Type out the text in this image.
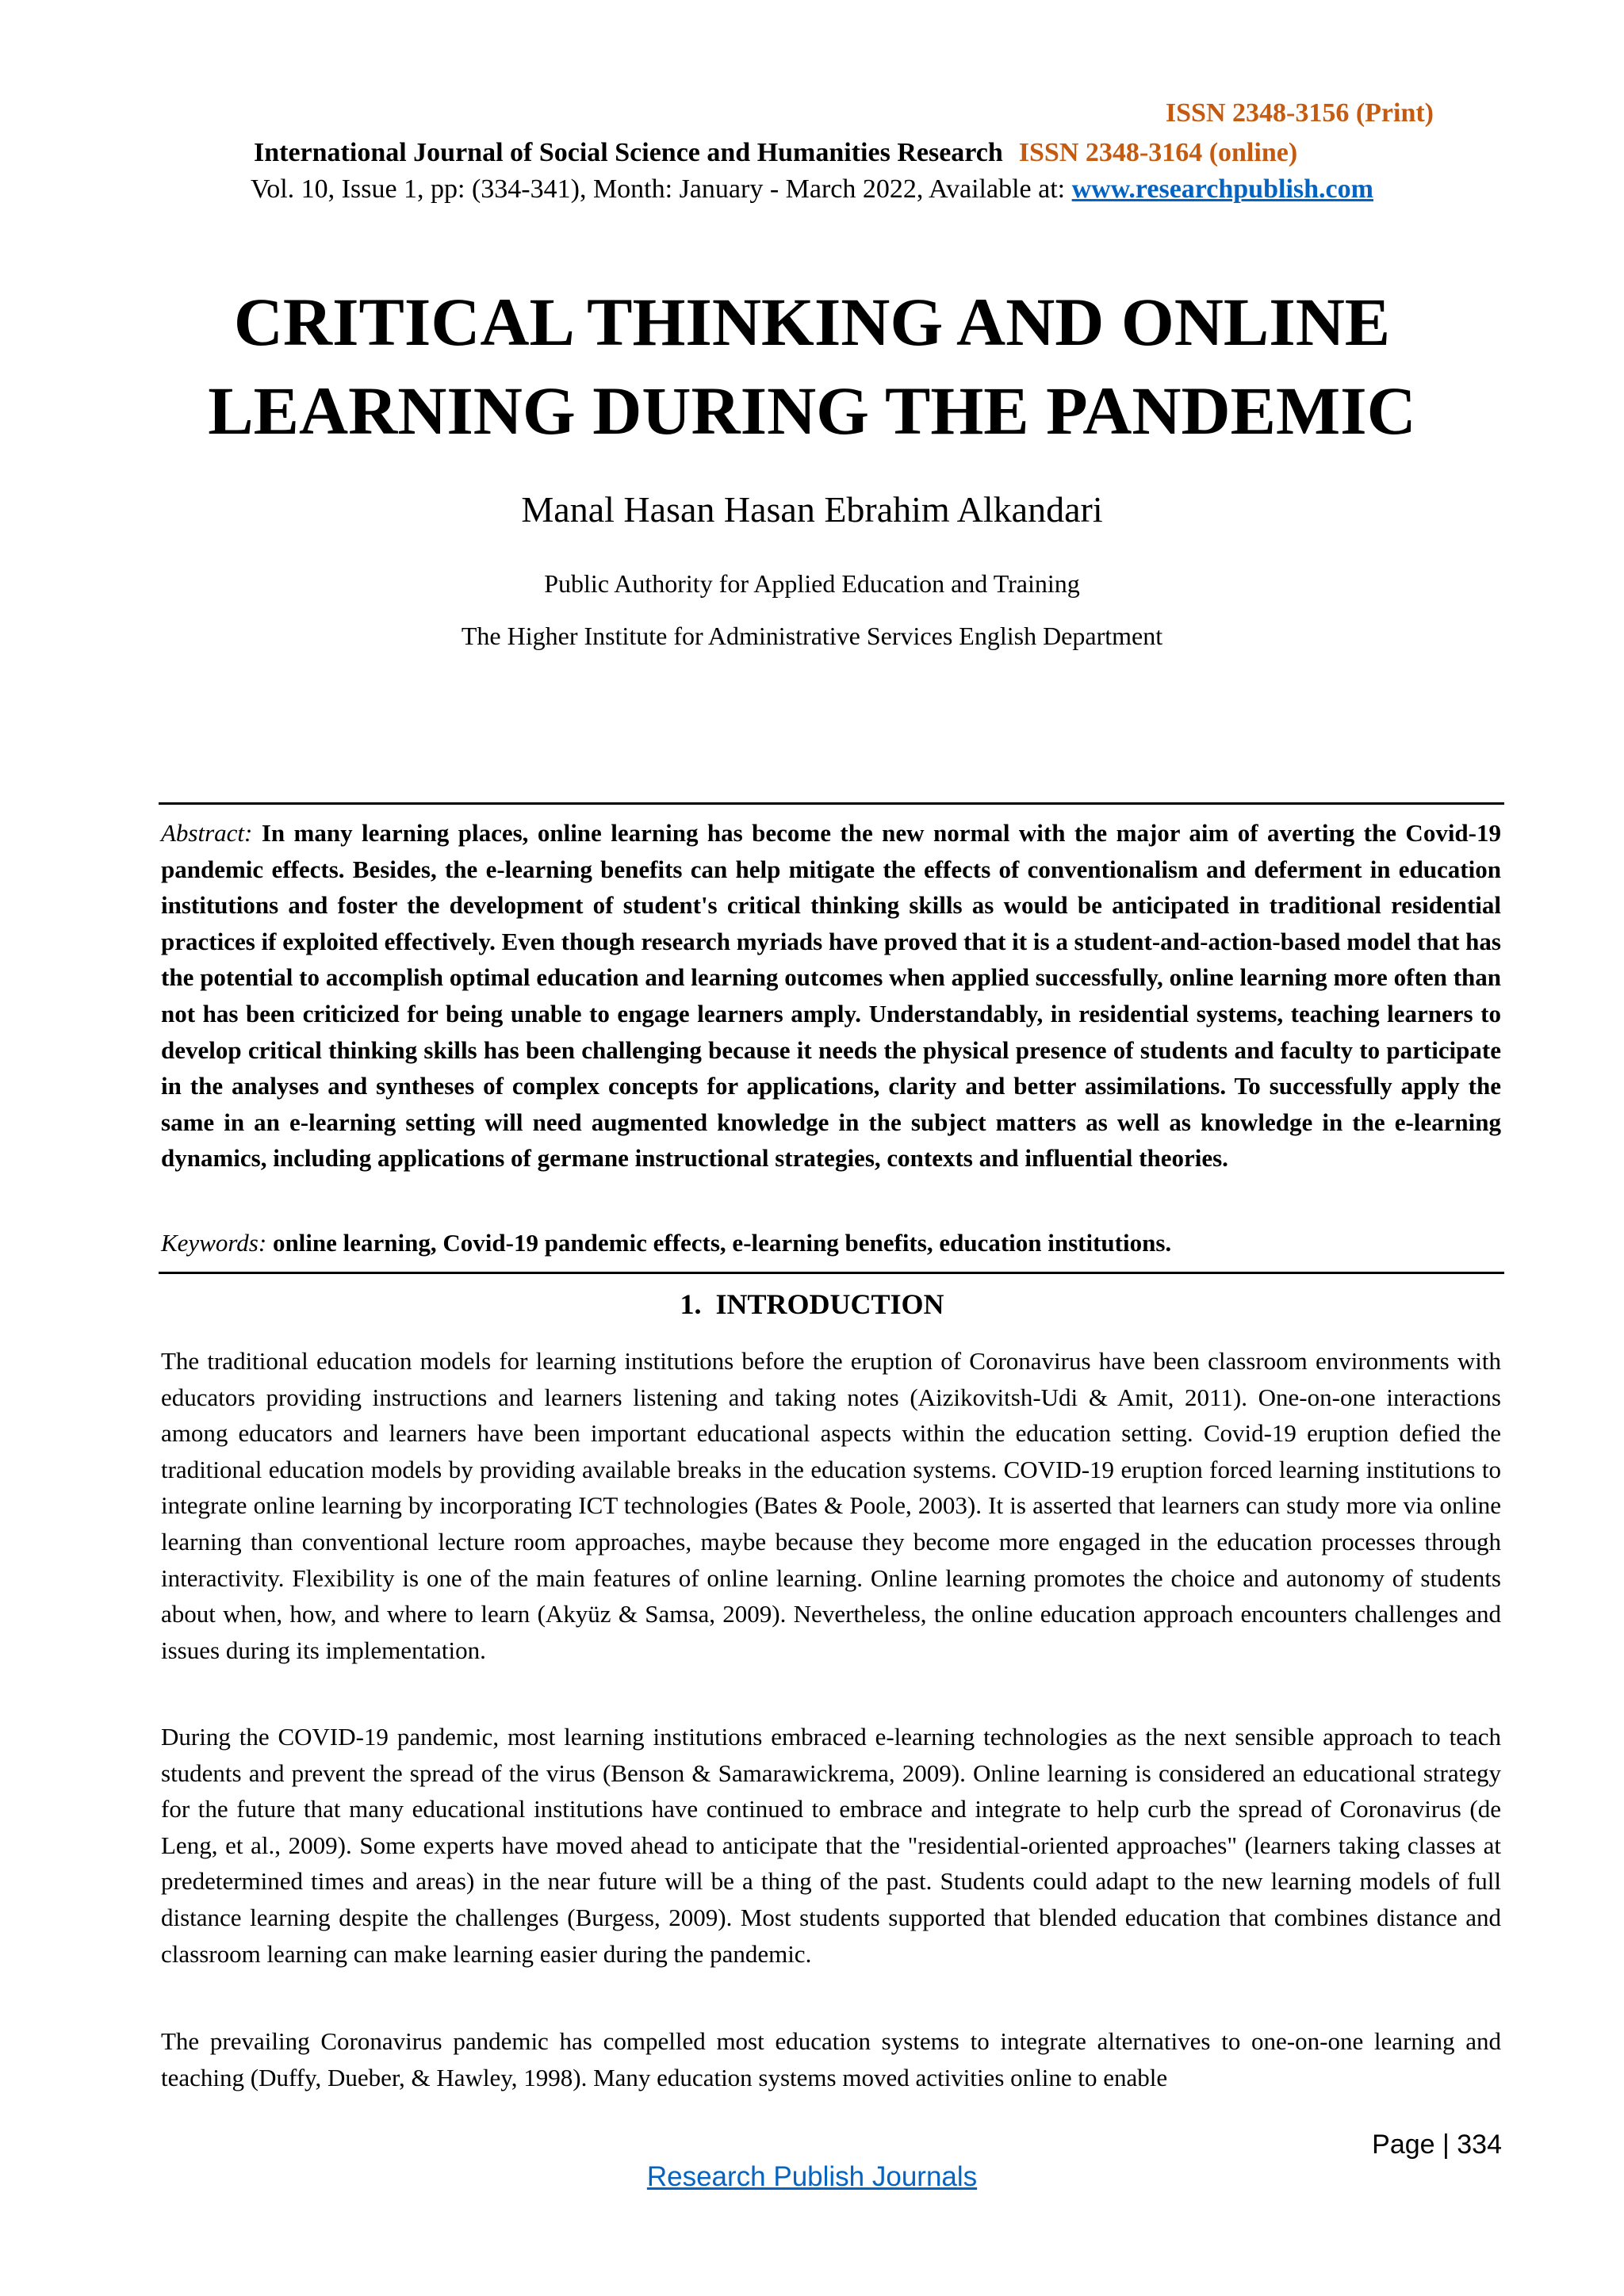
ISSN 2348-3156 (Print)
International Journal of Social Science and Humanities Research ISSN 2348-3164 (online)
Vol. 10, Issue 1, pp: (334-341), Month: January - March 2022, Available at: www.researchpublish.com
CRITICAL THINKING AND ONLINE
LEARNING DURING THE PANDEMIC
Manal Hasan Hasan Ebrahim Alkandari
Public Authority for Applied Education and Training
The Higher Institute for Administrative Services English Department

Abstract: In many learning places, online learning has become the new normal with the major aim of averting the Covid-19 pandemic effects. Besides, the e-learning benefits can help mitigate the effects of conventionalism and deferment in education institutions and foster the development of student's critical thinking skills as would be anticipated in traditional residential practices if exploited effectively. Even though research myriads have proved that it is a student-and-action-based model that has the potential to accomplish optimal education and learning outcomes when applied successfully, online learning more often than not has been criticized for being unable to engage learners amply. Understandably, in residential systems, teaching learners to develop critical thinking skills has been challenging because it needs the physical presence of students and faculty to participate in the analyses and syntheses of complex concepts for applications, clarity and better assimilations. To successfully apply the same in an e-learning setting will need augmented knowledge in the subject matters as well as knowledge in the e-learning dynamics, including applications of germane instructional strategies, contexts and influential theories.

Keywords: online learning, Covid-19 pandemic effects, e-learning benefits, education institutions.

1. INTRODUCTION

The traditional education models for learning institutions before the eruption of Coronavirus have been classroom environments with educators providing instructions and learners listening and taking notes (Aizikovitsh-Udi & Amit, 2011). One-on-one interactions among educators and learners have been important educational aspects within the education setting. Covid-19 eruption defied the traditional education models by providing available breaks in the education systems. COVID-19 eruption forced learning institutions to integrate online learning by incorporating ICT technologies (Bates & Poole, 2003). It is asserted that learners can study more via online learning than conventional lecture room approaches, maybe because they become more engaged in the education processes through interactivity. Flexibility is one of the main features of online learning. Online learning promotes the choice and autonomy of students about when, how, and where to learn (Akyüz & Samsa, 2009). Nevertheless, the online education approach encounters challenges and issues during its implementation.

During the COVID-19 pandemic, most learning institutions embraced e-learning technologies as the next sensible approach to teach students and prevent the spread of the virus (Benson & Samarawickrema, 2009). Online learning is considered an educational strategy for the future that many educational institutions have continued to embrace and integrate to help curb the spread of Coronavirus (de Leng, et al., 2009). Some experts have moved ahead to anticipate that the "residential-oriented approaches" (learners taking classes at predetermined times and areas) in the near future will be a thing of the past. Students could adapt to the new learning models of full distance learning despite the challenges (Burgess, 2009). Most students supported that blended education that combines distance and classroom learning can make learning easier during the pandemic.

The prevailing Coronavirus pandemic has compelled most education systems to integrate alternatives to one-on-one learning and teaching (Duffy, Dueber, & Hawley, 1998). Many education systems moved activities online to enable

Page | 334
Research Publish Journals
